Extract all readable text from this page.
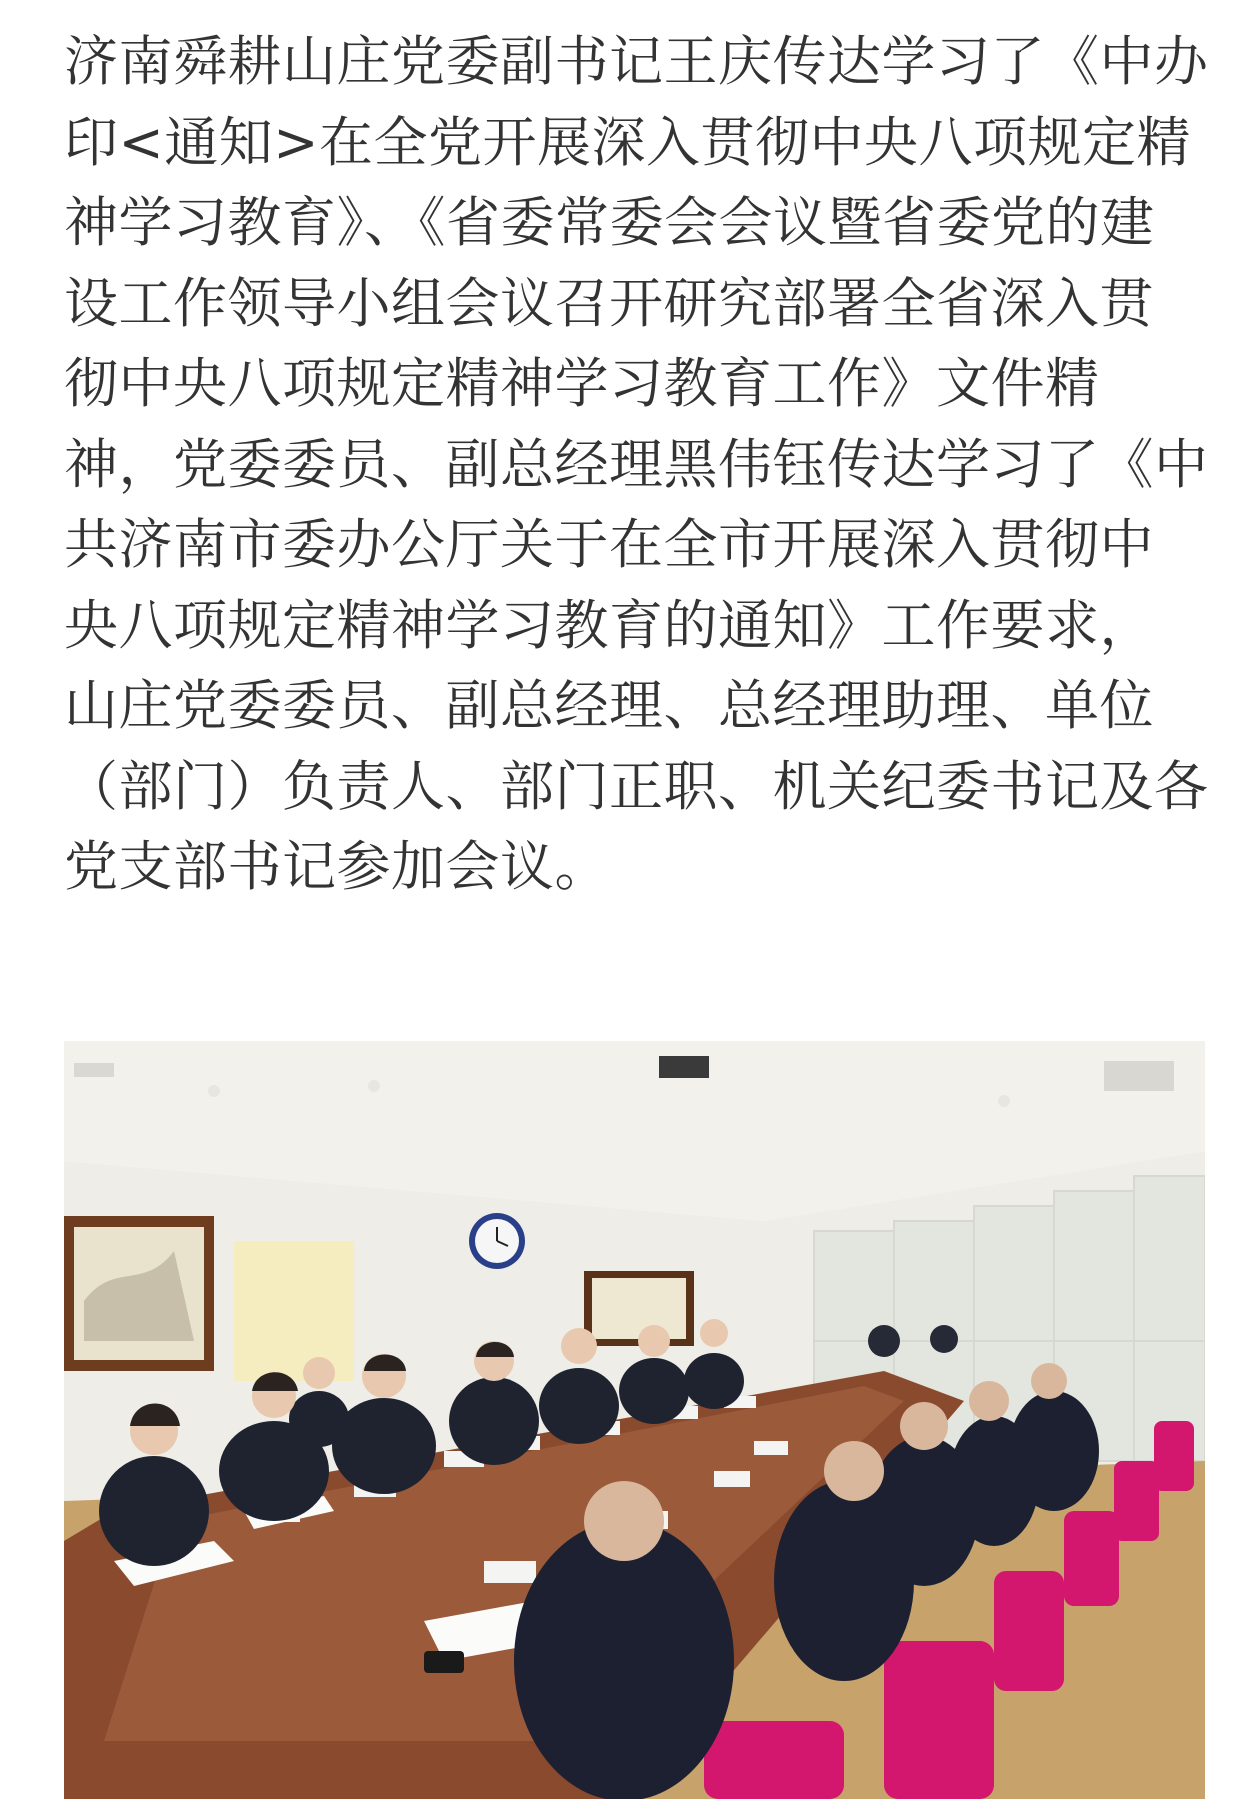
济南舜耕山庄党委副书记王庆传达学习了《中办
印<通知>在全党开展深入贯彻中央八项规定精
神学习教育》、《省委常委会会议暨省委党的建
设工作领导小组会议召开研究部署全省深入贯
彻中央八项规定精神学习教育工作》文件精
神，党委委员、副总经理黑伟钰传达学习了《中
共济南市委办公厅关于在全市开展深入贯彻中
央八项规定精神学习教育的通知》工作要求，
山庄党委委员、副总经理、总经理助理、单位
（部门）负责人、部门正职、机关纪委书记及各
党支部书记参加会议。
